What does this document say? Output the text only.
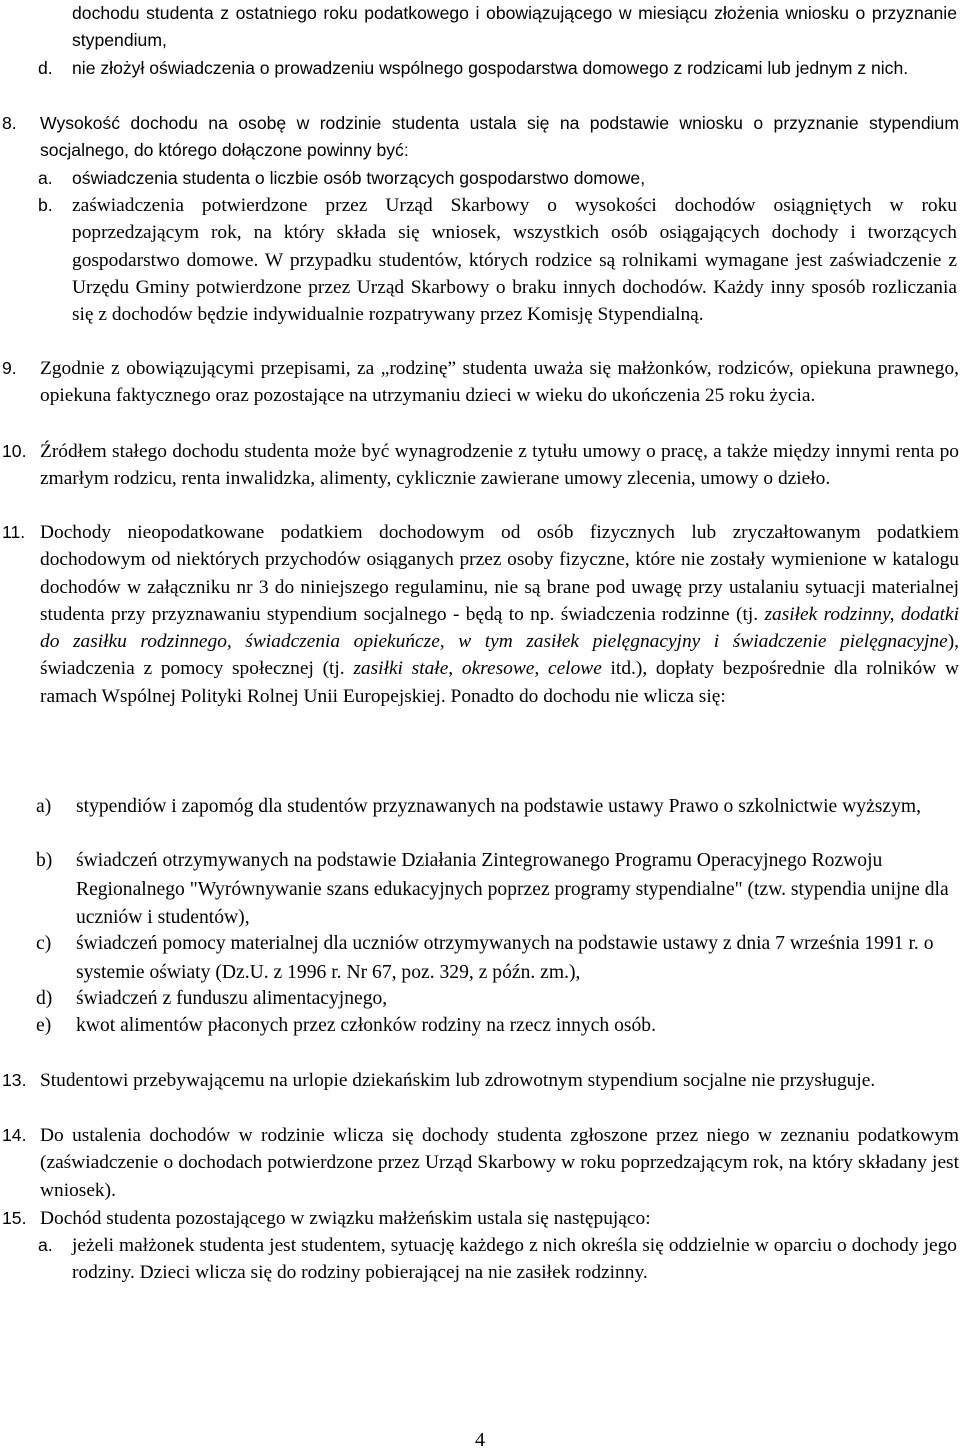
dochodu studenta z ostatniego roku podatkowego i obowiązującego w miesiącu złożenia wniosku o przyznanie stypendium,
d.	nie złożył oświadczenia o prowadzeniu wspólnego gospodarstwa domowego z rodzicami lub jednym z nich.
8.	Wysokość dochodu na osobę w rodzinie studenta ustala się na podstawie wniosku o przyznanie stypendium socjalnego, do którego dołączone powinny być:
a.	oświadczenia studenta o liczbie osób tworzących gospodarstwo domowe,
b. zaświadczenia potwierdzone przez Urząd Skarbowy o wysokości dochodów osiągniętych w roku poprzedzającym rok, na który składa się wniosek, wszystkich osób osiągających dochody i tworzących gospodarstwo domowe. W przypadku studentów, których rodzice są rolnikami wymagane jest zaświadczenie z Urzędu Gminy potwierdzone przez Urząd Skarbowy o braku innych dochodów. Każdy inny sposób rozliczania się z dochodów będzie indywidualnie rozpatrywany przez Komisję Stypendialną.
9.	Zgodnie z obowiązującymi przepisami, za „rodzinę” studenta uważa się małżonków, rodziców, opiekuna prawnego, opiekuna faktycznego oraz pozostające na utrzymaniu dzieci w wieku do ukończenia 25 roku życia.
10. Źródłem stałego dochodu studenta może być wynagrodzenie z tytułu umowy o pracę, a także między innymi renta po zmarłym rodzicu, renta inwalidzka, alimenty, cyklicznie zawierane umowy zlecenia, umowy o dzieło.
11. Dochody nieopodatkowane podatkiem dochodowym od osób fizycznych lub zryczałtowanym podatkiem dochodowym od niektórych przychodów osiąganych przez osoby fizyczne, które nie zostały wymienione w katalogu dochodów w załączniku nr 3 do niniejszego regulaminu, nie są brane pod uwagę przy ustalaniu sytuacji materialnej studenta przy przyznawaniu stypendium socjalnego - będą to np. świadczenia rodzinne (tj. zasiłek rodzinny, dodatki do zasiłku rodzinnego, świadczenia opiekuńcze, w tym zasiłek pielęgnacyjny i świadczenie pielęgnacyjne), świadczenia z pomocy społecznej (tj. zasiłki stałe, okresowe, celowe itd.), dopłaty bezpośrednie dla rolników w ramach Wspólnej Polityki Rolnej Unii Europejskiej. Ponadto do dochodu nie wlicza się:
a)	stypendiów i zapomóg dla studentów przyznawanych na podstawie ustawy Prawo o szkolnictwie wyższym,
b)	świadczeń otrzymywanych na podstawie Działania Zintegrowanego Programu Operacyjnego Rozwoju Regionalnego "Wyrównywanie szans edukacyjnych poprzez programy stypendialne" (tzw. stypendia unijne dla uczniów i studentów),
c)	świadczeń pomocy materialnej dla uczniów otrzymywanych na podstawie ustawy z dnia 7 września 1991 r. o systemie oświaty (Dz.U. z 1996 r. Nr 67, poz. 329, z późn. zm.),
d)	świadczeń z funduszu alimentacyjnego,
e)	kwot alimentów płaconych przez członków rodziny na rzecz innych osób.
13. Studentowi przebywającemu na urlopie dziekańskim lub zdrowotnym stypendium socjalne nie przysługuje.
14. Do ustalenia dochodów w rodzinie wlicza się dochody studenta zgłoszone przez niego w zeznaniu podatkowym (zaświadczenie o dochodach potwierdzone przez Urząd Skarbowy w roku poprzedzającym rok, na który składany jest wniosek).
15. Dochód studenta pozostającego w związku małżeńskim ustala się następująco:
a. jeżeli małżonek studenta jest studentem, sytuację każdego z nich określa się oddzielnie w oparciu o dochody jego rodziny. Dzieci wlicza się do rodziny pobierającej na nie zasiłek rodzinny.
4
